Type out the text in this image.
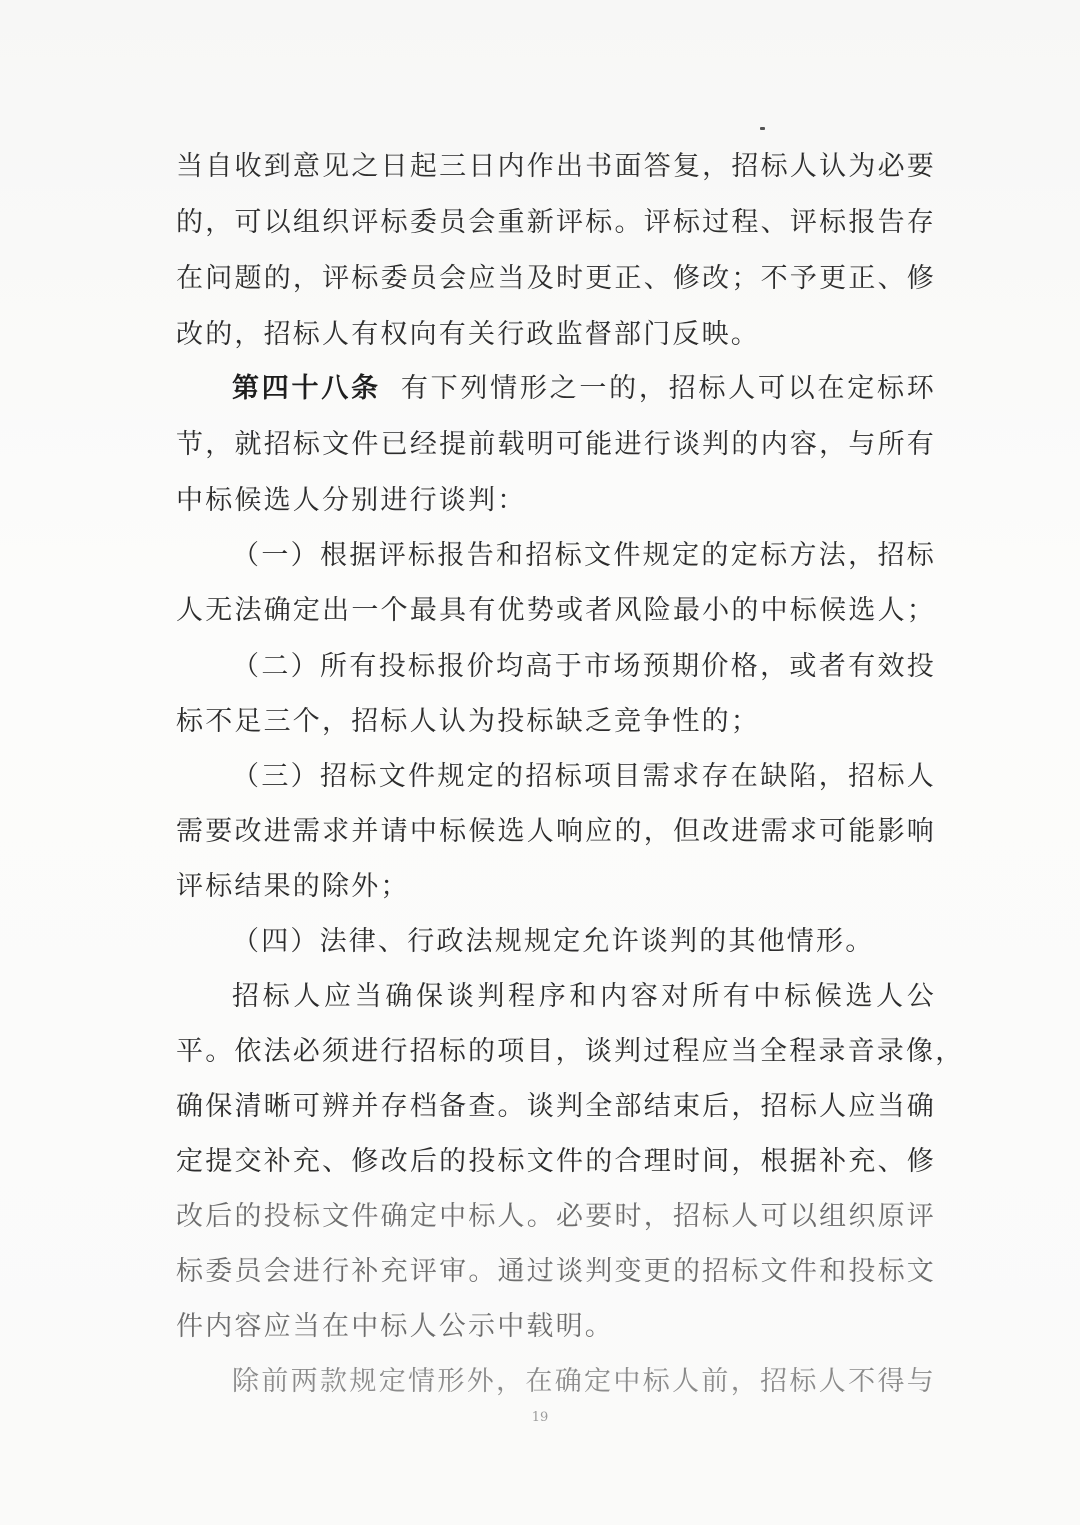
当自收到意见之日起三日内作出书面答复，招标人认为必要
的，可以组织评标委员会重新评标。评标过程、评标报告存
在问题的，评标委员会应当及时更正、修改；不予更正、修
改的，招标人有权向有关行政监督部门反映。
第四十八条 有下列情形之一的，招标人可以在定标环
节，就招标文件已经提前载明可能进行谈判的内容，与所有
中标候选人分别进行谈判：
（一）根据评标报告和招标文件规定的定标方法，招标
人无法确定出一个最具有优势或者风险最小的中标候选人；
（二）所有投标报价均高于市场预期价格，或者有效投
标不足三个，招标人认为投标缺乏竞争性的；
（三）招标文件规定的招标项目需求存在缺陷，招标人
需要改进需求并请中标候选人响应的，但改进需求可能影响
评标结果的除外；
（四）法律、行政法规规定允许谈判的其他情形。
招标人应当确保谈判程序和内容对所有中标候选人公
平。依法必须进行招标的项目，谈判过程应当全程录音录像，
确保清晰可辨并存档备查。谈判全部结束后，招标人应当确
定提交补充、修改后的投标文件的合理时间，根据补充、修
改后的投标文件确定中标人。必要时，招标人可以组织原评
标委员会进行补充评审。通过谈判变更的招标文件和投标文
件内容应当在中标人公示中载明。
除前两款规定情形外，在确定中标人前，招标人不得与
19
